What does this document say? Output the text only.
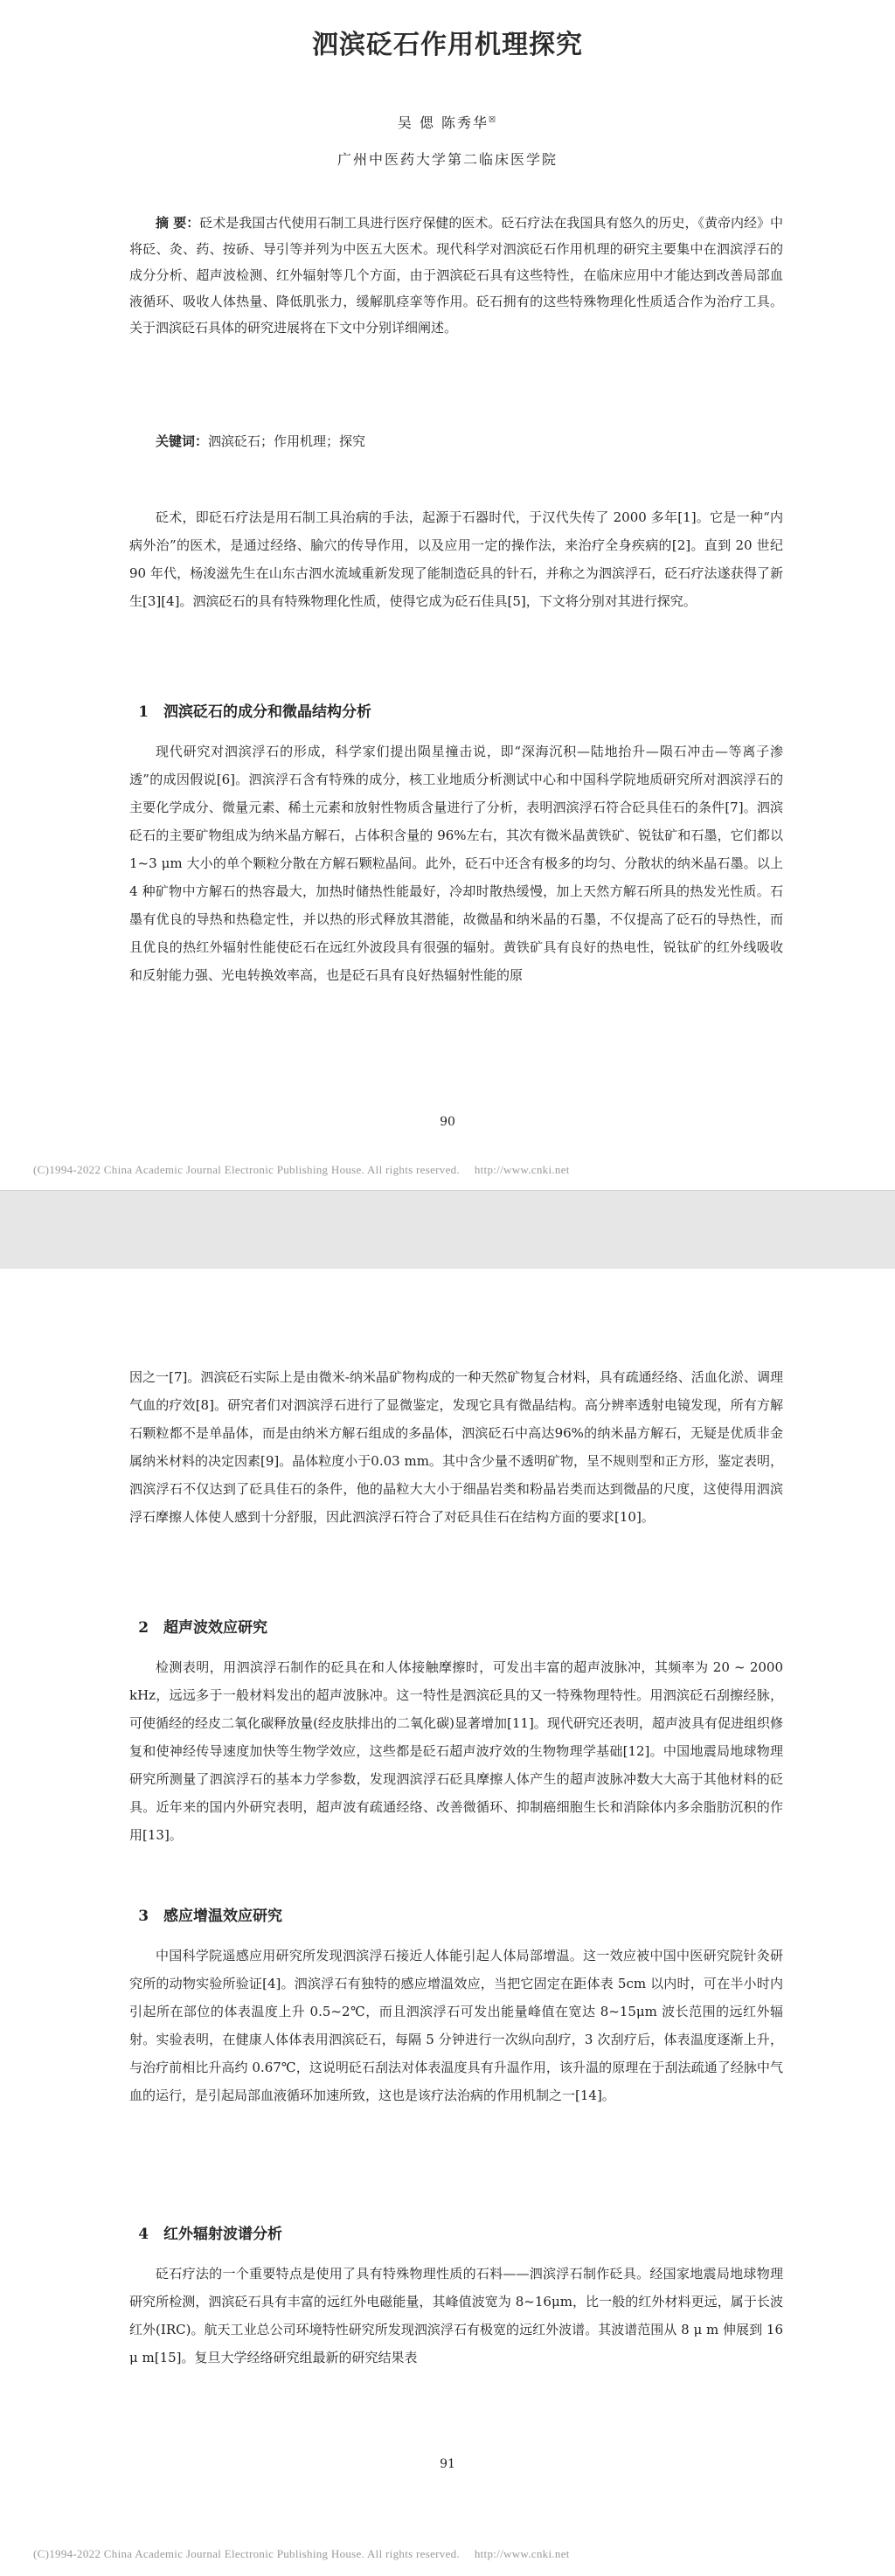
泗滨砭石作用机理探究
吴 偲 陈秀华☒
广州中医药大学第二临床医学院
摘 要：砭术是我国古代使用石制工具进行医疗保健的医术。砭石疗法在我国具有悠久的历史，《黄帝内经》中将砭、灸、药、按硚、导引等并列为中医五大医术。现代科学对泗滨砭石作用机理的研究主要集中在泗滨浮石的成分分析、超声波检测、红外辐射等几个方面，由于泗滨砭石具有这些特性，在临床应用中才能达到改善局部血液循环、吸收人体热量、降低肌张力，缓解肌痉挛等作用。砭石拥有的这些特殊物理化性质适合作为治疗工具。关于泗滨砭石具体的研究进展将在下文中分别详细阐述。
关键词：泗滨砭石；作用机理；探究

砭术，即砭石疗法是用石制工具治病的手法，起源于石器时代，于汉代失传了 2000 多年[1]。它是一种“内病外治”的医术，是通过经络、腧穴的传导作用，以及应用一定的操作法，来治疗全身疾病的[2]。直到 20 世纪 90 年代，杨浚滋先生在山东古泗水流域重新发现了能制造砭具的针石，并称之为泗滨浮石，砭石疗法遂获得了新生[3][4]。泗滨砭石的具有特殊物理化性质，使得它成为砭石佳具[5]，下文将分别对其进行探究。

1　泗滨砭石的成分和微晶结构分析

现代研究对泗滨浮石的形成，科学家们提出陨星撞击说，即“深海沉积—陆地抬升—陨石冲击—等离子渗透”的成因假说[6]。泗滨浮石含有特殊的成分，核工业地质分析测试中心和中国科学院地质研究所对泗滨浮石的主要化学成分、微量元素、稀土元素和放射性物质含量进行了分析，表明泗滨浮石符合砭具佳石的条件[7]。泗滨砭石的主要矿物组成为纳米晶方解石，占体积含量的 96%左右，其次有微米晶黄铁矿、锐钛矿和石墨，它们都以 1~3 μm 大小的单个颗粒分散在方解石颗粒晶间。此外，砭石中还含有极多的均匀、分散状的纳米晶石墨。以上 4 种矿物中方解石的热容最大，加热时储热性能最好，冷却时散热缓慢，加上天然方解石所具的热发光性质。石墨有优良的导热和热稳定性，并以热的形式释放其潜能，故微晶和纳米晶的石墨，不仅提高了砭石的导热性，而且优良的热红外辐射性能使砭石在远红外波段具有很强的辐射。黄铁矿具有良好的热电性，锐钛矿的红外线吸收和反射能力强、光电转换效率高，也是砭石具有良好热辐射性能的原

90
(C)1994-2022 China Academic Journal Electronic Publishing House. All rights reserved.　 http://www.cnki.net

因之一[7]。泗滨砭石实际上是由微米-纳米晶矿物构成的一种天然矿物复合材料，具有疏通经络、活血化淤、调理气血的疗效[8]。研究者们对泗滨浮石进行了显微鉴定，发现它具有微晶结构。高分辨率透射电镜发现，所有方解石颗粒都不是单晶体，而是由纳米方解石组成的多晶体，泗滨砭石中高达96%的纳米晶方解石，无疑是优质非金属纳米材料的决定因素[9]。晶体粒度小于0.03 mm。其中含少量不透明矿物，呈不规则型和正方形，鉴定表明，泗滨浮石不仅达到了砭具佳石的条件，他的晶粒大大小于细晶岩类和粉晶岩类而达到微晶的尺度，这使得用泗滨浮石摩擦人体使人感到十分舒服，因此泗滨浮石符合了对砭具佳石在结构方面的要求[10]。

2　超声波效应研究

检测表明，用泗滨浮石制作的砭具在和人体接触摩擦时，可发出丰富的超声波脉冲，其频率为 20 ~ 2000 kHz，远远多于一般材料发出的超声波脉冲。这一特性是泗滨砭具的又一特殊物理特性。用泗滨砭石刮擦经脉，可使循经的经皮二氧化碳释放量(经皮肤排出的二氧化碳)显著增加[11]。现代研究还表明，超声波具有促进组织修复和使神经传导速度加快等生物学效应，这些都是砭石超声波疗效的生物物理学基础[12]。中国地震局地球物理研究所测量了泗滨浮石的基本力学参数，发现泗滨浮石砭具摩擦人体产生的超声波脉冲数大大高于其他材料的砭具。近年来的国内外研究表明，超声波有疏通经络、改善微循环、抑制癌细胞生长和消除体内多余脂肪沉积的作用[13]。

3　感应增温效应研究

中国科学院遥感应用研究所发现泗滨浮石接近人体能引起人体局部增温。这一效应被中国中医研究院针灸研究所的动物实验所验证[4]。泗滨浮石有独特的感应增温效应，当把它固定在距体表 5cm 以内时，可在半小时内引起所在部位的体表温度上升 0.5~2℃，而且泗滨浮石可发出能量峰值在宽达 8~15μm 波长范围的远红外辐射。实验表明，在健康人体体表用泗滨砭石，每隔 5 分钟进行一次纵向刮疗，3 次刮疗后，体表温度逐渐上升，与治疗前相比升高约 0.67℃，这说明砭石刮法对体表温度具有升温作用，该升温的原理在于刮法疏通了经脉中气血的运行，是引起局部血液循环加速所致，这也是该疗法治病的作用机制之一[14]。

4　红外辐射波谱分析

砭石疗法的一个重要特点是使用了具有特殊物理性质的石料——泗滨浮石制作砭具。经国家地震局地球物理研究所检测，泗滨砭石具有丰富的远红外电磁能量，其峰值波宽为 8~16μm，比一般的红外材料更远，属于长波红外(IRC)。航天工业总公司环境特性研究所发现泗滨浮石有极宽的远红外波谱。其波谱范围从 8 μ m 伸展到 16 μ m[15]。复旦大学经络研究组最新的研究结果表

91
(C)1994-2022 China Academic Journal Electronic Publishing House. All rights reserved.　 http://www.cnki.net
